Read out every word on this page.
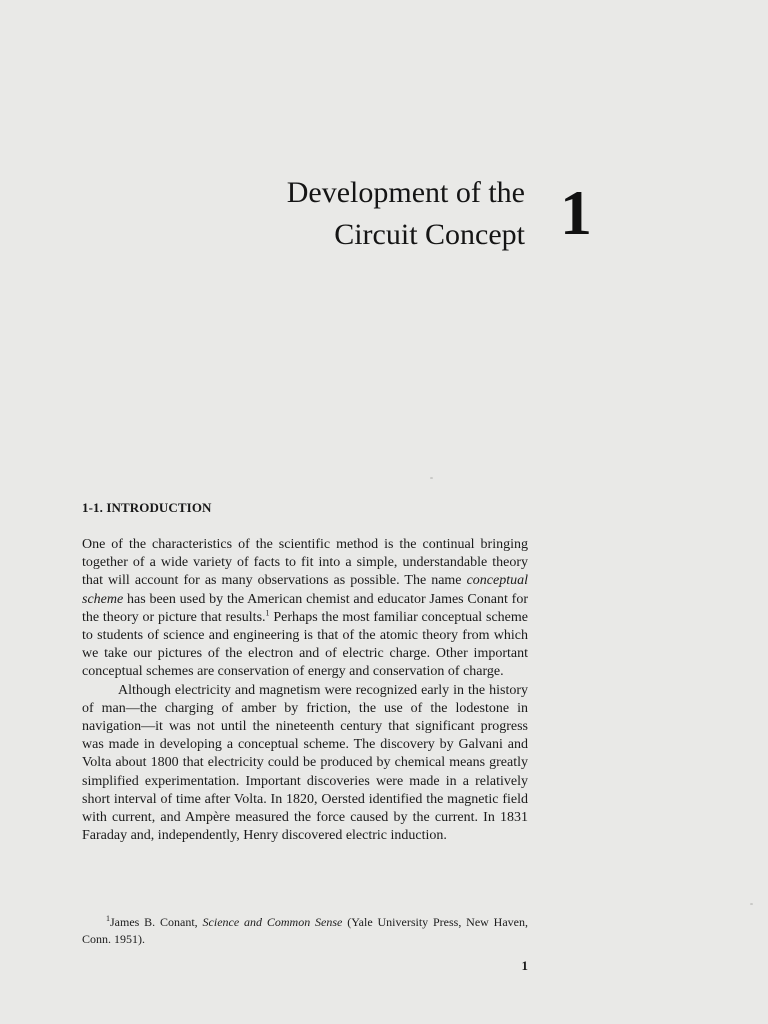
Development of the
Circuit Concept 1
1-1. INTRODUCTION

One of the characteristics of the scientific method is the continual bringing together of a wide variety of facts to fit into a simple, understandable theory that will account for as many observations as possible. The name conceptual scheme has been used by the American chemist and educator James Conant for the theory or picture that results.$^1$ Perhaps the most familiar conceptual scheme to students of science and engineering is that of the atomic theory from which we take our pictures of the electron and of electric charge. Other important conceptual schemes are conservation of energy and conservation of charge.

Although electricity and magnetism were recognized early in the history of man—the charging of amber by friction, the use of the lodestone in navigation—it was not until the nineteenth century that significant progress was made in developing a conceptual scheme. The discovery by Galvani and Volta about 1800 that electricity could be produced by chemical means greatly simplified experimentation. Important discoveries were made in a relatively short interval of time after Volta. In 1820, Oersted identified the magnetic field with current, and Ampère measured the force caused by the current. In 1831 Faraday and, independently, Henry discovered electric induction.

$^1$James B. Conant, Science and Common Sense (Yale University Press, New Haven, Conn. 1951).
1
